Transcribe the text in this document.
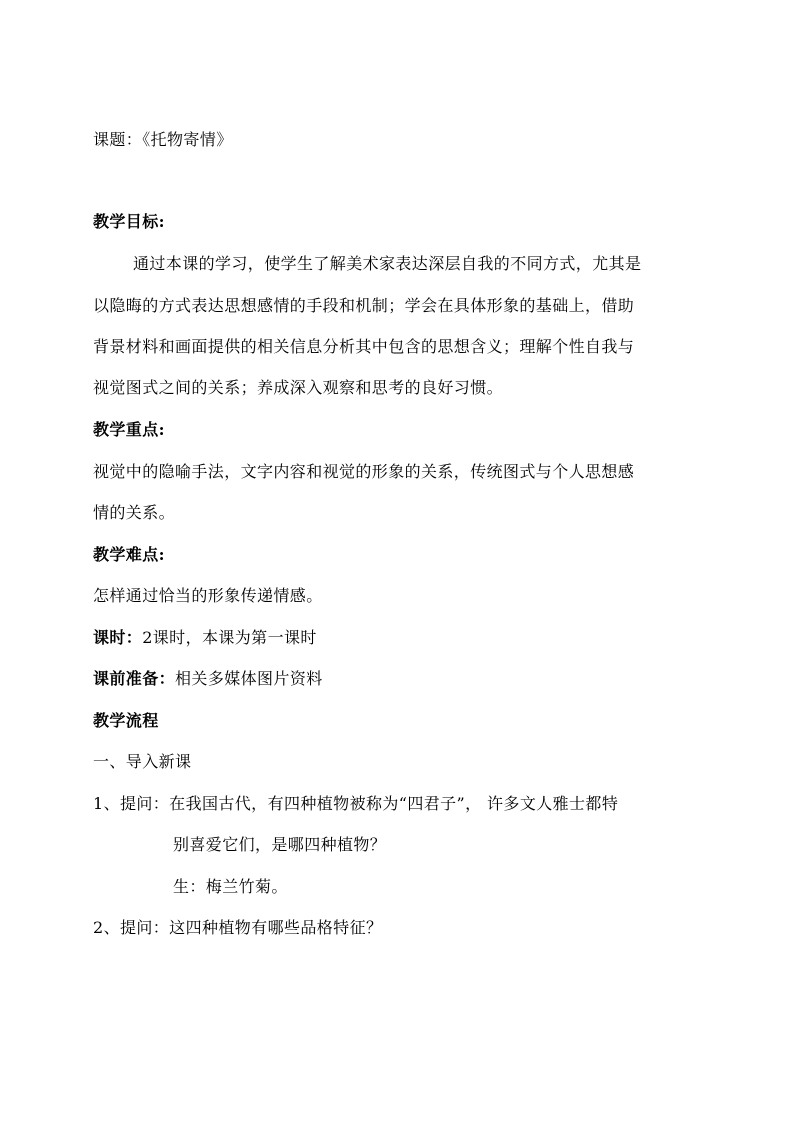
课题：《托物寄情》
教学目标:
通过本课的学习，使学生了解美术家表达深层自我的不同方式，尤其是
以隐晦的方式表达思想感情的手段和机制；学会在具体形象的基础上，借助
背景材料和画面提供的相关信息分析其中包含的思想含义；理解个性自我与
视觉图式之间的关系；养成深入观察和思考的良好习惯。
教学重点:
视觉中的隐喻手法，文字内容和视觉的形象的关系，传统图式与个人思想感
情的关系。
教学难点:
怎样通过恰当的形象传递情感。
课时：2课时，本课为第一课时
课前准备：相关多媒体图片资料
教学流程
一、导入新课
1、提问：在我国古代，有四种植物被称为“四君子”， 许多文人雅士都特
别喜爱它们，是哪四种植物？
生：梅兰竹菊。
2、提问：这四种植物有哪些品格特征？
